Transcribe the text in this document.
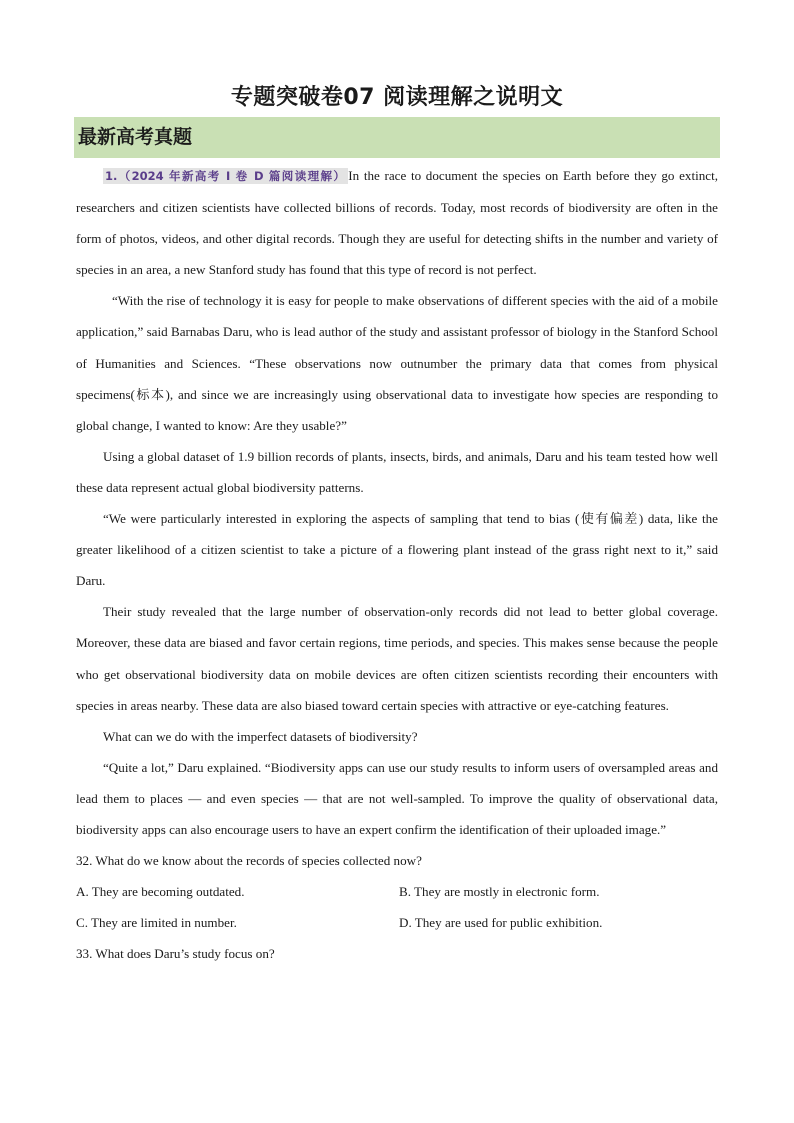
专题突破卷07 阅读理解之说明文
最新高考真题

1.（2024 年新高考 I 卷 D 篇阅读理解） In the race to document the species on Earth before they go extinct, researchers and citizen scientists have collected billions of records. Today, most records of biodiversity are often in the form of photos, videos, and other digital records. Though they are useful for detecting shifts in the number and variety of species in an area, a new Stanford study has found that this type of record is not perfect.

“With the rise of technology it is easy for people to make observations of different species with the aid of a mobile application,” said Barnabas Daru, who is lead author of the study and assistant professor of biology in the Stanford School of Humanities and Sciences. “These observations now outnumber the primary data that comes from physical specimens(标本), and since we are increasingly using observational data to investigate how species are responding to global change, I wanted to know: Are they usable?”

Using a global dataset of 1.9 billion records of plants, insects, birds, and animals, Daru and his team tested how well these data represent actual global biodiversity patterns.

“We were particularly interested in exploring the aspects of sampling that tend to bias (使有偏差) data, like the greater likelihood of a citizen scientist to take a picture of a flowering plant instead of the grass right next to it,” said Daru.

Their study revealed that the large number of observation-only records did not lead to better global coverage. Moreover, these data are biased and favor certain regions, time periods, and species. This makes sense because the people who get observational biodiversity data on mobile devices are often citizen scientists recording their encounters with species in areas nearby. These data are also biased toward certain species with attractive or eye-catching features.

What can we do with the imperfect datasets of biodiversity?

“Quite a lot,” Daru explained. “Biodiversity apps can use our study results to inform users of oversampled areas and lead them to places — and even species — that are not well-sampled. To improve the quality of observational data, biodiversity apps can also encourage users to have an expert confirm the identification of their uploaded image.”

32. What do we know about the records of species collected now?
A. They are becoming outdated.	B. They are mostly in electronic form.
C. They are limited in number.	D. They are used for public exhibition.
33. What does Daru’s study focus on?
